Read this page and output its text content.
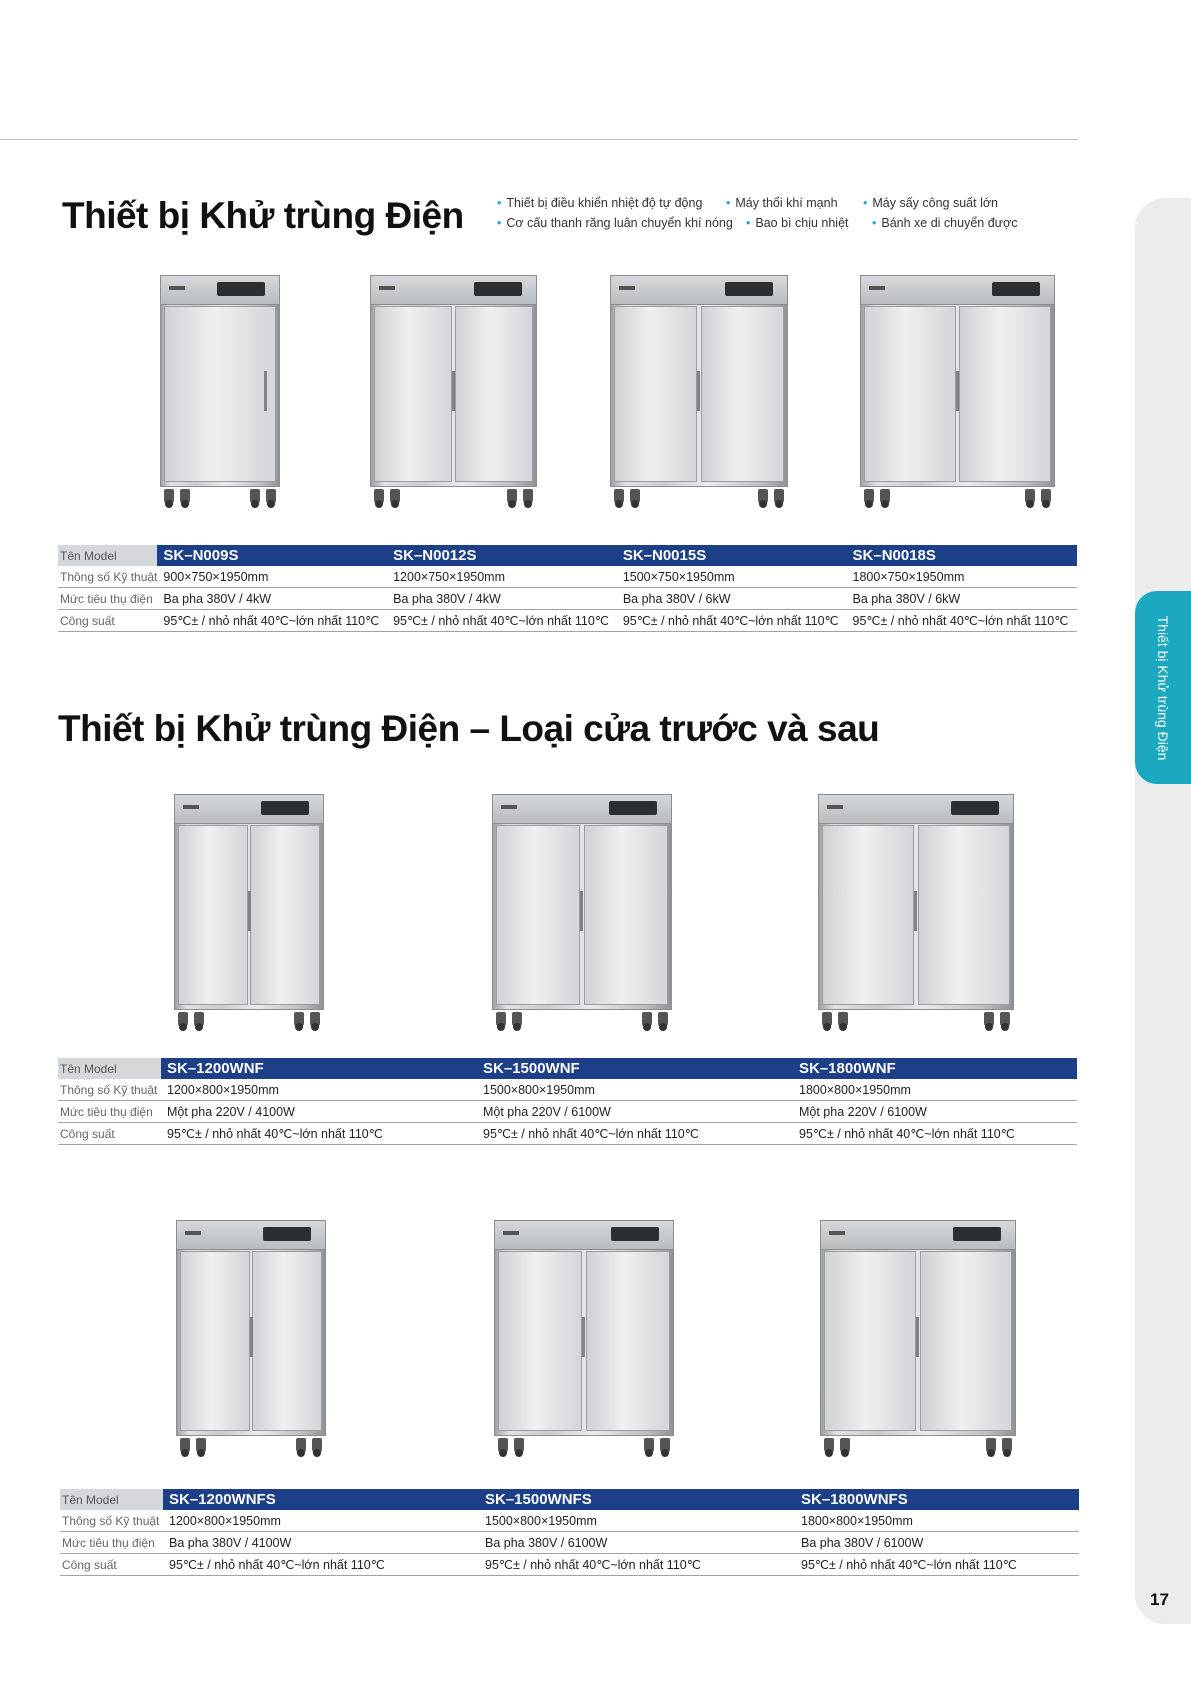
Thiết bị Khử trùng Điện
Thiết bị Khử trùng Điện	• Thiết bị điều khiển nhiệt độ tự động	• Máy thổi khí mạnh	• Máy sấy công suất lớn
• Cơ cấu thanh răng luân chuyển khí nóng	• Bao bì chịu nhiệt	• Bánh xe di chuyển được
Tên Model	SK–N009S	SK–N0012S	SK–N0015S	SK–N0018S
Thông số Kỹ thuật	900×750×1950mm	1200×750×1950mm	1500×750×1950mm	1800×750×1950mm
Mức tiêu thụ điện	Ba pha 380V / 4kW	Ba pha 380V / 4kW	Ba pha 380V / 6kW	Ba pha 380V / 6kW
Công suất	95℃± / nhỏ nhất 40℃~lớn nhất 110℃	95℃± / nhỏ nhất 40℃~lớn nhất 110℃	95℃± / nhỏ nhất 40℃~lớn nhất 110℃	95℃± / nhỏ nhất 40℃~lớn nhất 110℃
Thiết bị Khử trùng Điện – Loại cửa trước và sau
Tên Model	SK–1200WNF	SK–1500WNF	SK–1800WNF
Thông số Kỹ thuật	1200×800×1950mm	1500×800×1950mm	1800×800×1950mm
Mức tiêu thụ điện	Một pha 220V / 4100W	Một pha 220V / 6100W	Một pha 220V / 6100W
Công suất	95℃± / nhỏ nhất 40℃~lớn nhất 110℃	95℃± / nhỏ nhất 40℃~lớn nhất 110℃	95℃± / nhỏ nhất 40℃~lớn nhất 110℃
Tên Model	SK–1200WNFS	SK–1500WNFS	SK–1800WNFS
Thông số Kỹ thuật	1200×800×1950mm	1500×800×1950mm	1800×800×1950mm
Mức tiêu thụ điện	Ba pha 380V / 4100W	Ba pha 380V / 6100W	Ba pha 380V / 6100W
Công suất	95℃± / nhỏ nhất 40℃~lớn nhất 110℃	95℃± / nhỏ nhất 40℃~lớn nhất 110℃	95℃± / nhỏ nhất 40℃~lớn nhất 110℃
17
